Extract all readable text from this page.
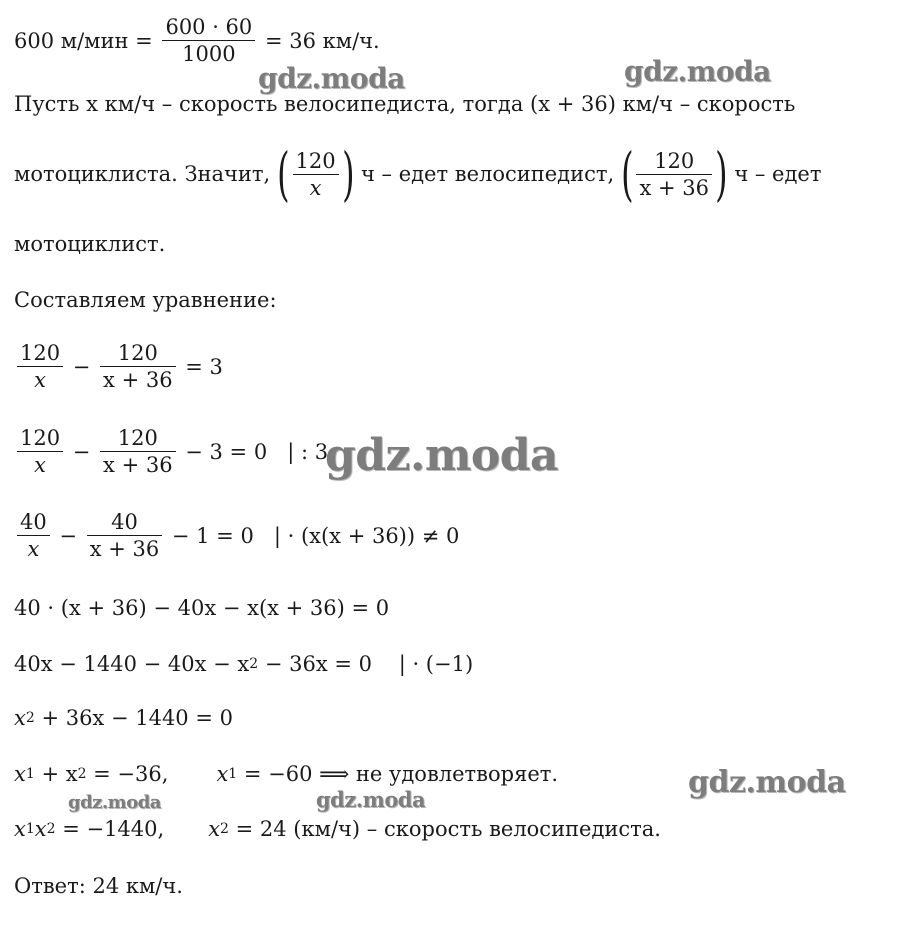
600 м/мин =
600 · 60
1000
= 36 км/ч.
Пусть x км/ч – скорость велосипедиста, тогда (x + 36) км/ч – скорость
мотоциклиста. Значит, ( 120
x ) ч – едет велосипедист, ( 120
x + 36 ) ч – едет
мотоциклист.
Составляем уравнение:
120
x
−
120
x + 36
= 3
120
x
−
120
x + 36
− 3 = 0   | : 3
40
x
−
40
x + 36
− 1 = 0   | · (x(x + 36)) ≠ 0
40 · (x + 36) − 40x − x(x + 36) = 0
40x − 1440 − 40x − x 2 − 36x = 0    | · (−1)
x 2 + 36x − 1440 = 0
x 1 + x 2 = −36, x 1 = −60 ⟹ не удовлетворяет.
x 1 x 2 = −1440, x 2 = 24 (км/ч) – скорость велосипедиста.
Ответ: 24 км/ч.
gdz.moda	gdz.moda
gdz.moda
gdz.moda
gdz.moda	gdz.moda
